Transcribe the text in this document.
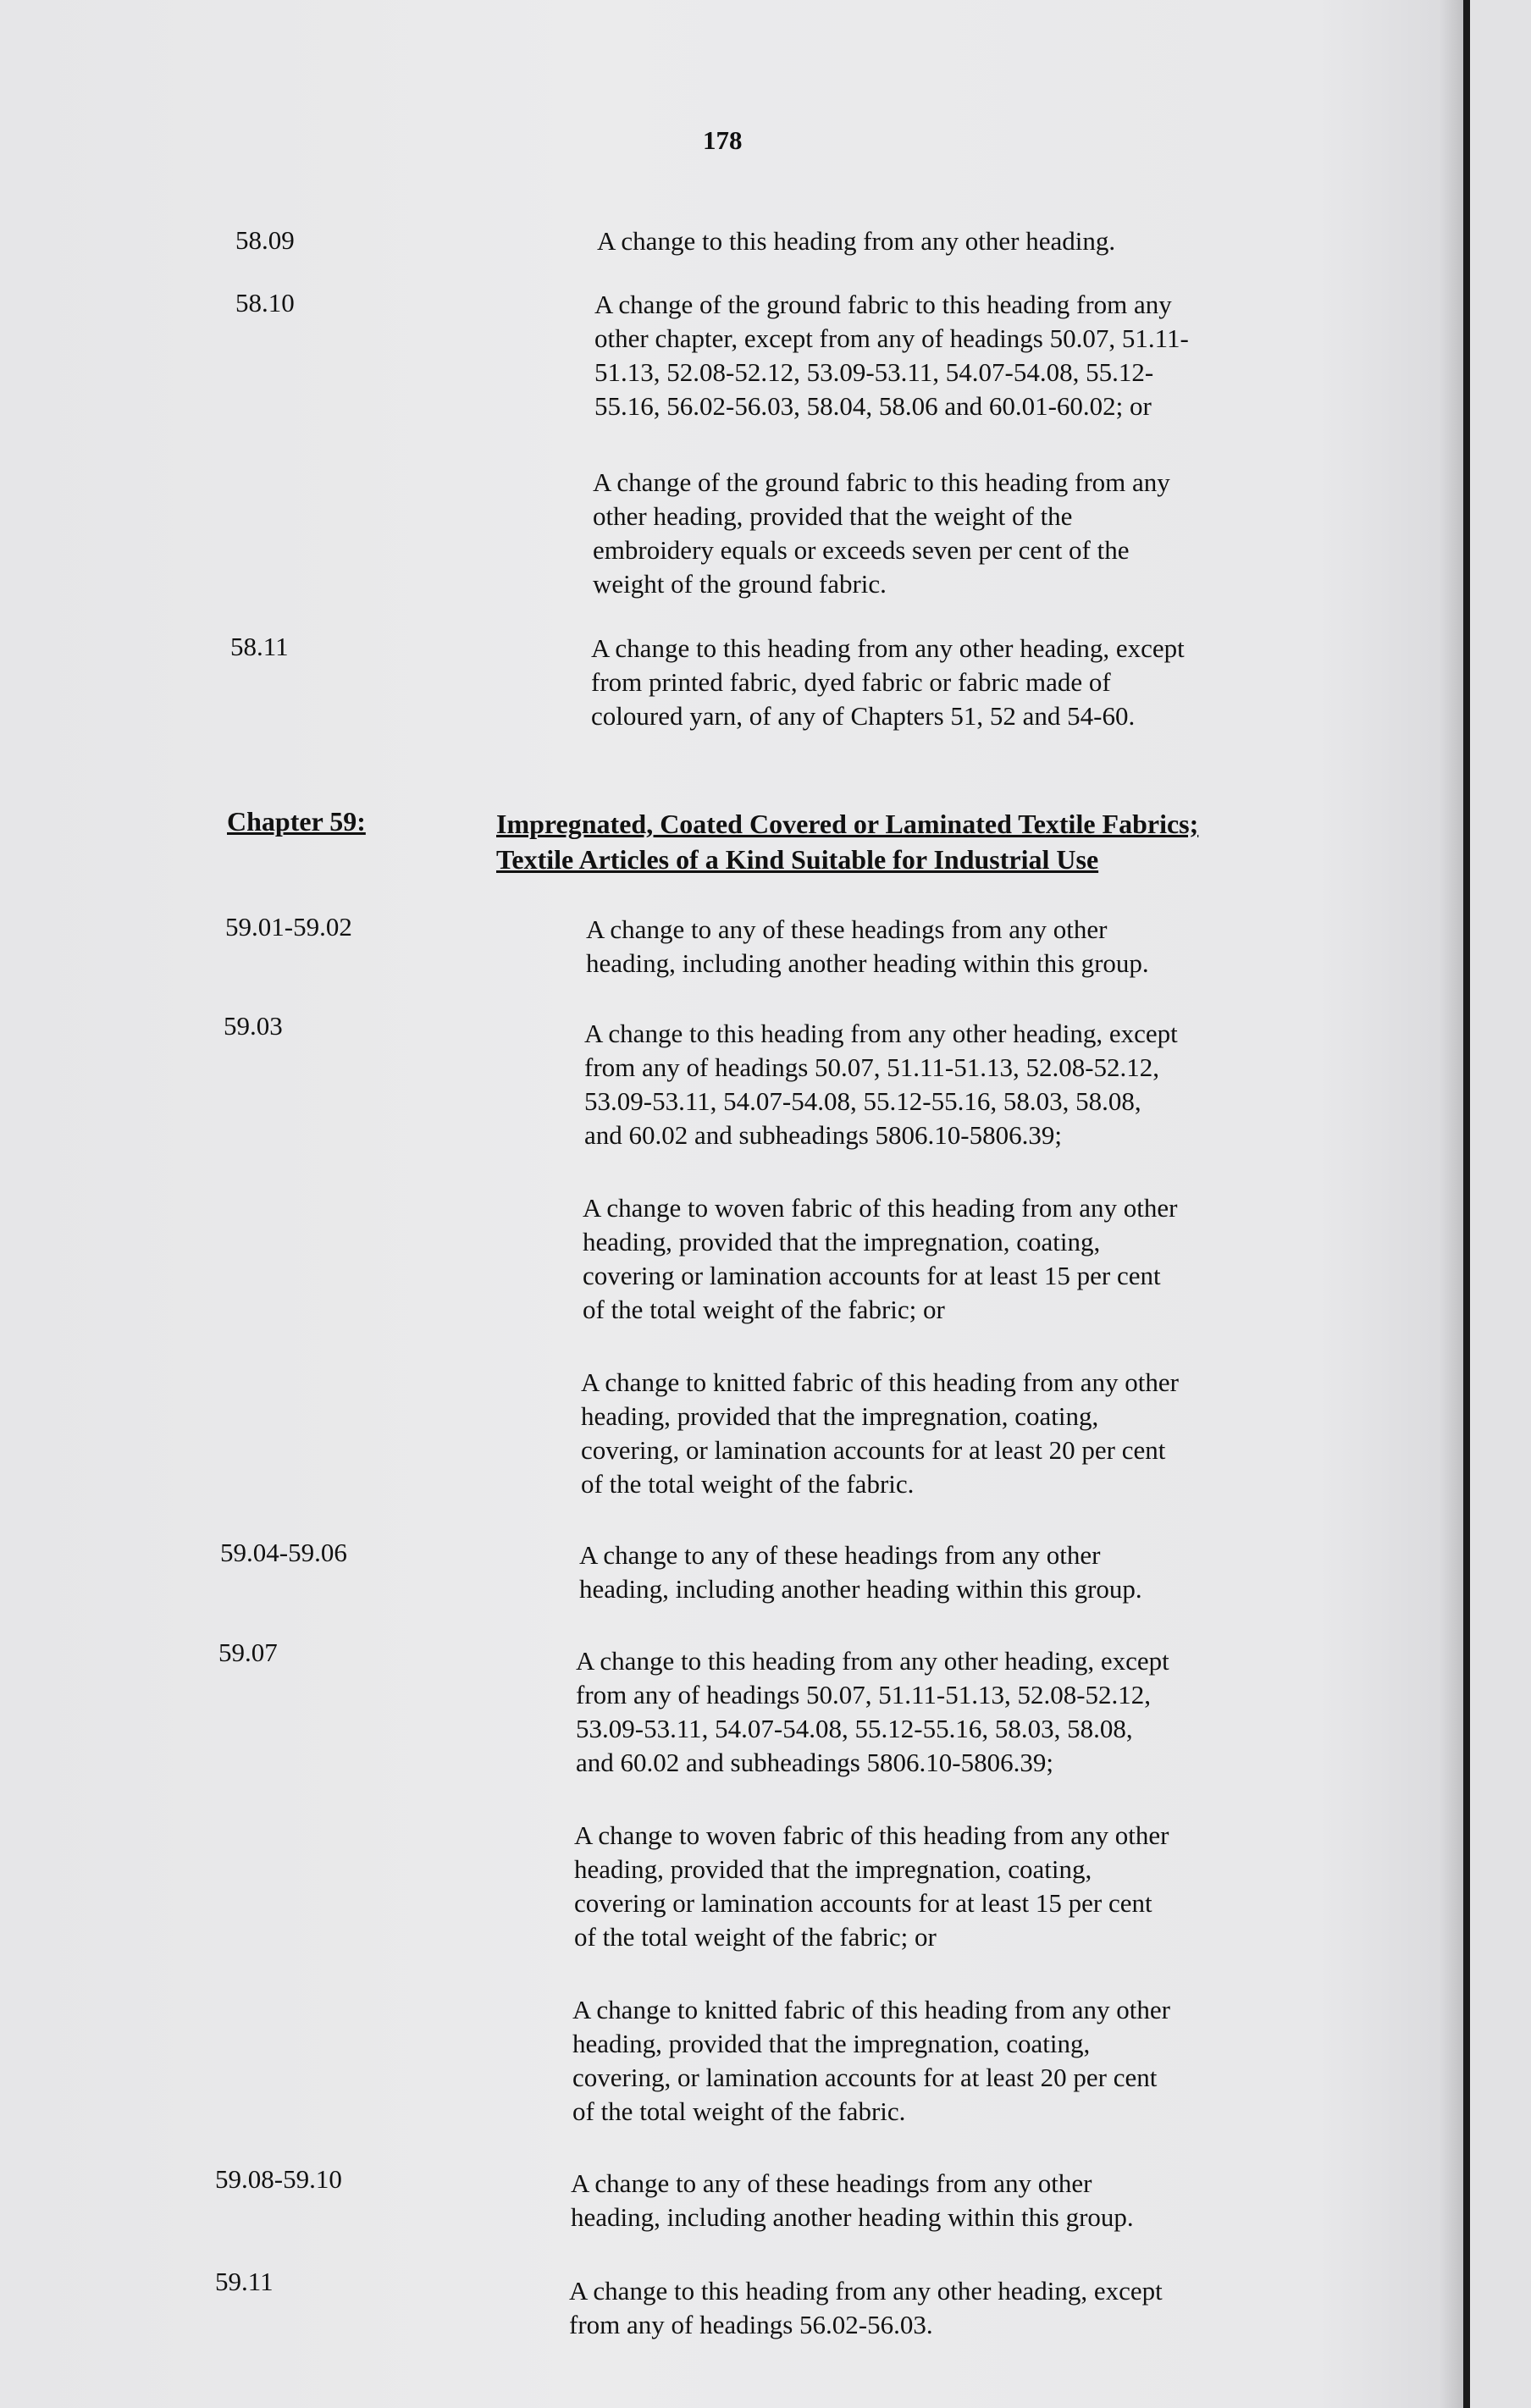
178
58.09	A change to this heading from any other heading.
58.10	A change of the ground fabric to this heading from any
other chapter, except from any of headings 50.07, 51.11-
51.13, 52.08-52.12, 53.09-53.11, 54.07-54.08, 55.12-
55.16, 56.02-56.03, 58.04, 58.06 and 60.01-60.02; or
A change of the ground fabric to this heading from any
other heading, provided that the weight of the
embroidery equals or exceeds seven per cent of the
weight of the ground fabric.
58.11	A change to this heading from any other heading, except
from printed fabric, dyed fabric or fabric made of
coloured yarn, of any of Chapters 51, 52 and 54-60.
Chapter 59:	Impregnated, Coated Covered or Laminated Textile Fabrics;
Textile Articles of a Kind Suitable for Industrial Use
59.01-59.02	A change to any of these headings from any other
heading, including another heading within this group.
59.03	A change to this heading from any other heading, except
from any of headings 50.07, 51.11-51.13, 52.08-52.12,
53.09-53.11, 54.07-54.08, 55.12-55.16, 58.03, 58.08,
and 60.02 and subheadings 5806.10-5806.39;
A change to woven fabric of this heading from any other
heading, provided that the impregnation, coating,
covering or lamination accounts for at least 15 per cent
of the total weight of the fabric; or
A change to knitted fabric of this heading from any other
heading, provided that the impregnation, coating,
covering, or lamination accounts for at least 20 per cent
of the total weight of the fabric.
59.04-59.06	A change to any of these headings from any other
heading, including another heading within this group.
59.07	A change to this heading from any other heading, except
from any of headings 50.07, 51.11-51.13, 52.08-52.12,
53.09-53.11, 54.07-54.08, 55.12-55.16, 58.03, 58.08,
and 60.02 and subheadings 5806.10-5806.39;
A change to woven fabric of this heading from any other
heading, provided that the impregnation, coating,
covering or lamination accounts for at least 15 per cent
of the total weight of the fabric; or
A change to knitted fabric of this heading from any other
heading, provided that the impregnation, coating,
covering, or lamination accounts for at least 20 per cent
of the total weight of the fabric.
59.08-59.10	A change to any of these headings from any other
heading, including another heading within this group.
59.11	A change to this heading from any other heading, except
from any of headings 56.02-56.03.
